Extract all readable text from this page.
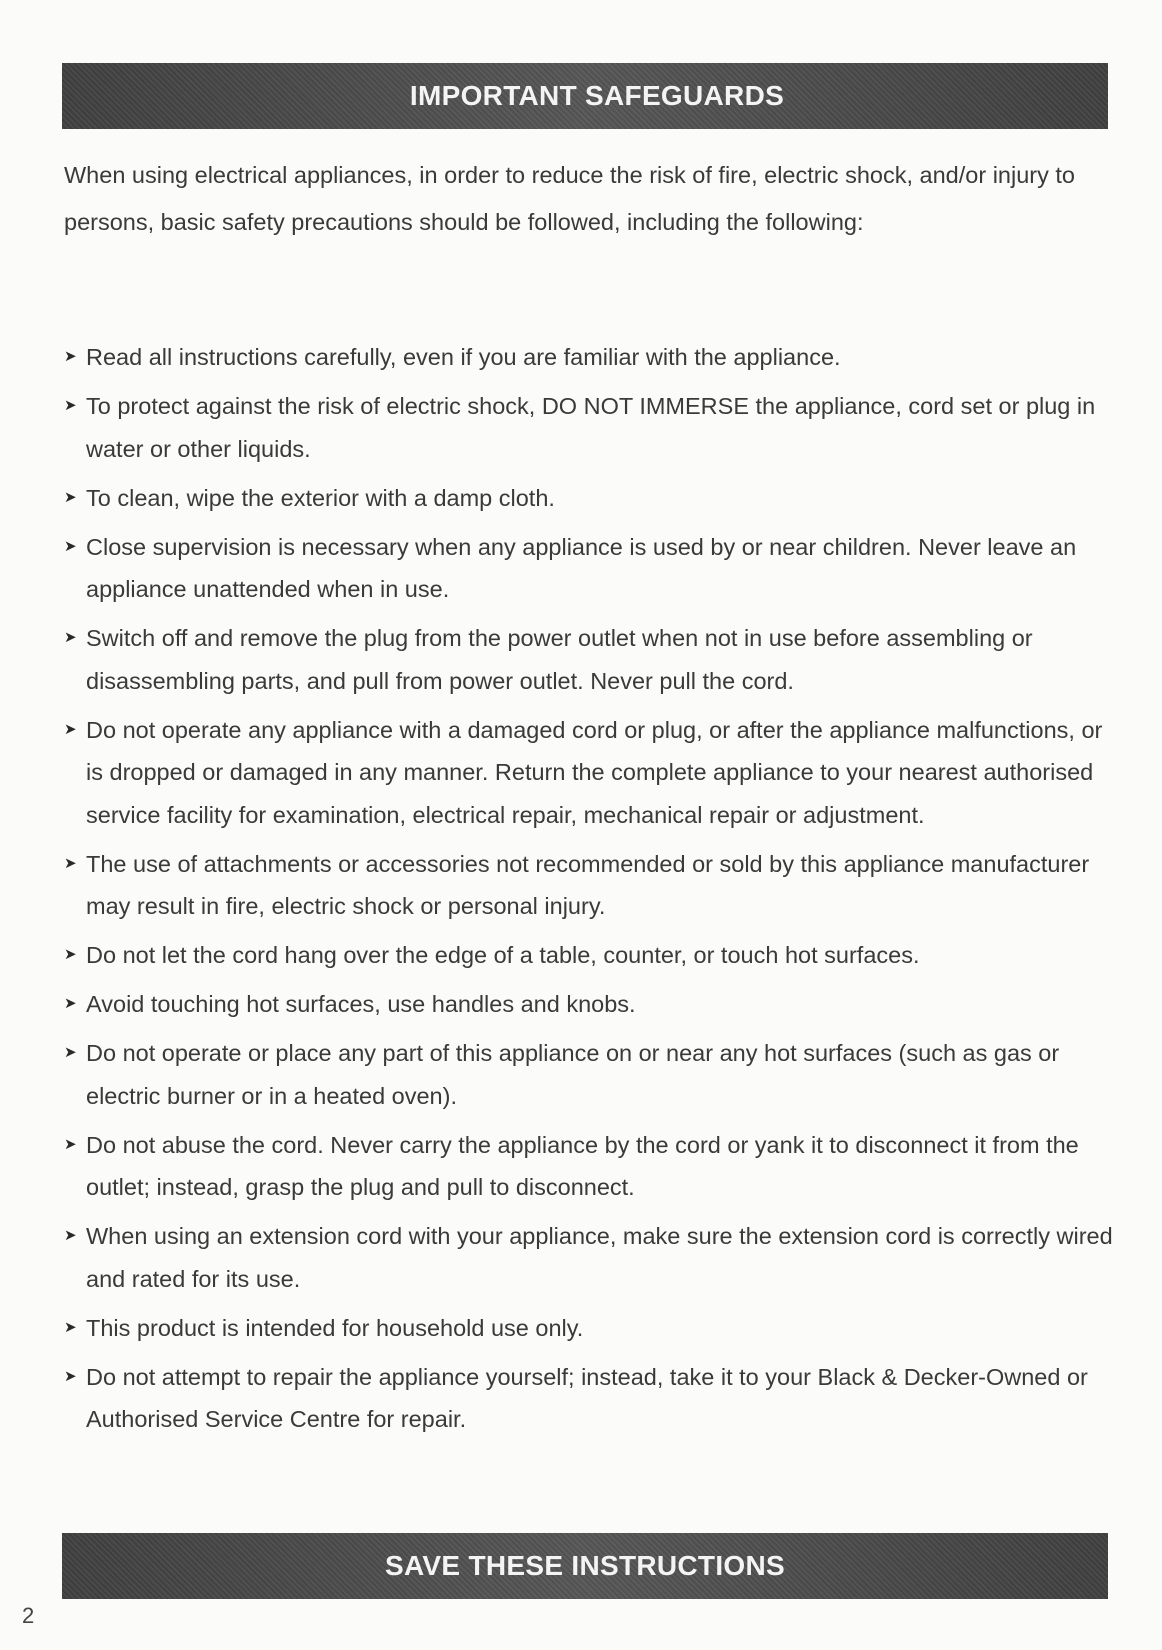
IMPORTANT SAFEGUARDS
When using electrical appliances, in order to reduce the risk of fire, electric shock, and/or injury to persons, basic safety precautions should be followed, including the following:
➤ Read all instructions carefully, even if you are familiar with the appliance.
➤ To protect against the risk of electric shock, DO NOT IMMERSE the appliance, cord set or plug in water or other liquids.
➤ To clean, wipe the exterior with a damp cloth.
➤ Close supervision is necessary when any appliance is used by or near children. Never leave an appliance unattended when in use.
➤ Switch off and remove the plug from the power outlet when not in use before assembling or disassembling parts, and pull from power outlet. Never pull the cord.
➤ Do not operate any appliance with a damaged cord or plug, or after the appliance malfunctions, or is dropped or damaged in any manner. Return the complete appliance to your nearest authorised service facility for examination, electrical repair, mechanical repair or adjustment.
➤ The use of attachments or accessories not recommended or sold by this appliance manufacturer may result in fire, electric shock or personal injury.
➤ Do not let the cord hang over the edge of a table, counter, or touch hot surfaces.
➤ Avoid touching hot surfaces, use handles and knobs.
➤ Do not operate or place any part of this appliance on or near any hot surfaces (such as gas or electric burner or in a heated oven).
➤ Do not abuse the cord. Never carry the appliance by the cord or yank it to disconnect it from the outlet; instead, grasp the plug and pull to disconnect.
➤ When using an extension cord with your appliance, make sure the extension cord is correctly wired and rated for its use.
➤ This product is intended for household use only.
➤ Do not attempt to repair the appliance yourself; instead, take it to your Black & Decker-Owned or Authorised Service Centre for repair.
SAVE THESE INSTRUCTIONS
2
